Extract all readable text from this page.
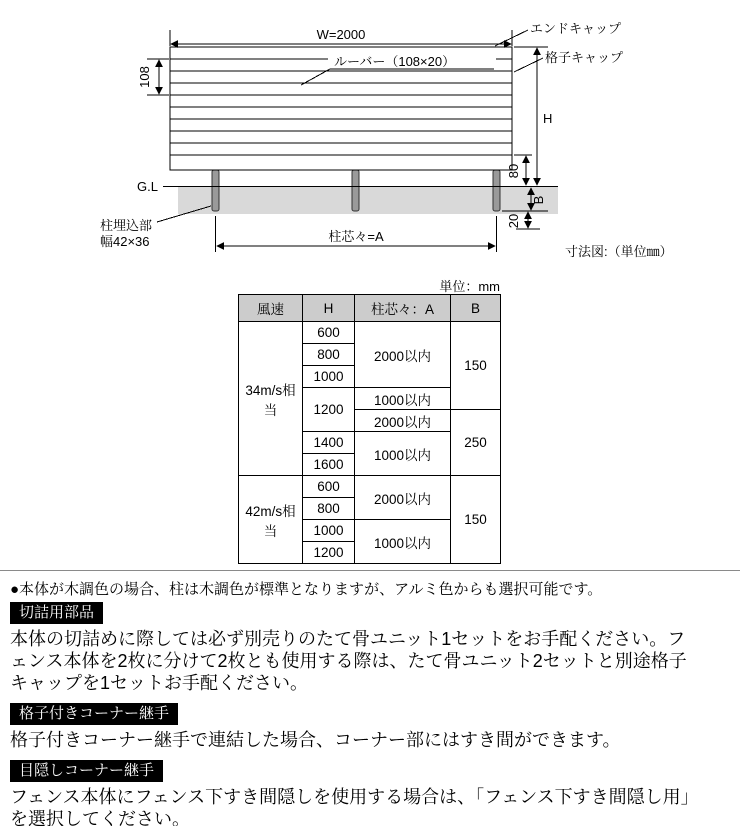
G.L
W=2000
ルーバー（108×20）
エンドキャップ
格子キャップ
108
H
80
B
20
柱埋込部
幅42×36	柱芯々=A
寸法図:（単位㎜）
単位：mm
風速	H	柱芯々：A	B
34m/s相当	600	2000以内	150
	800		
	1000		
	1200	1000以内	
		2000以内	250
	1400	1000以内	
	1600		
42m/s相当	600	2000以内	150
	800		
	1000	1000以内	
	1200		
●本体が木調色の場合、柱は木調色が標準となりますが、アルミ色からも選択可能です。
切詰用部品

本体の切詰めに際しては必ず別売りのたて骨ユニット1セットをお手配ください。フェンス本体を2枚に分けて2枚とも使用する際は、たて骨ユニット2セットと別途格子キャップを1セットお手配ください。

格子付きコーナー継手

格子付きコーナー継手で連結した場合、コーナー部にはすき間ができます。

目隠しコーナー継手

フェンス本体にフェンス下すき間隠しを使用する場合は、「フェンス下すき間隠し用」を選択してください。
